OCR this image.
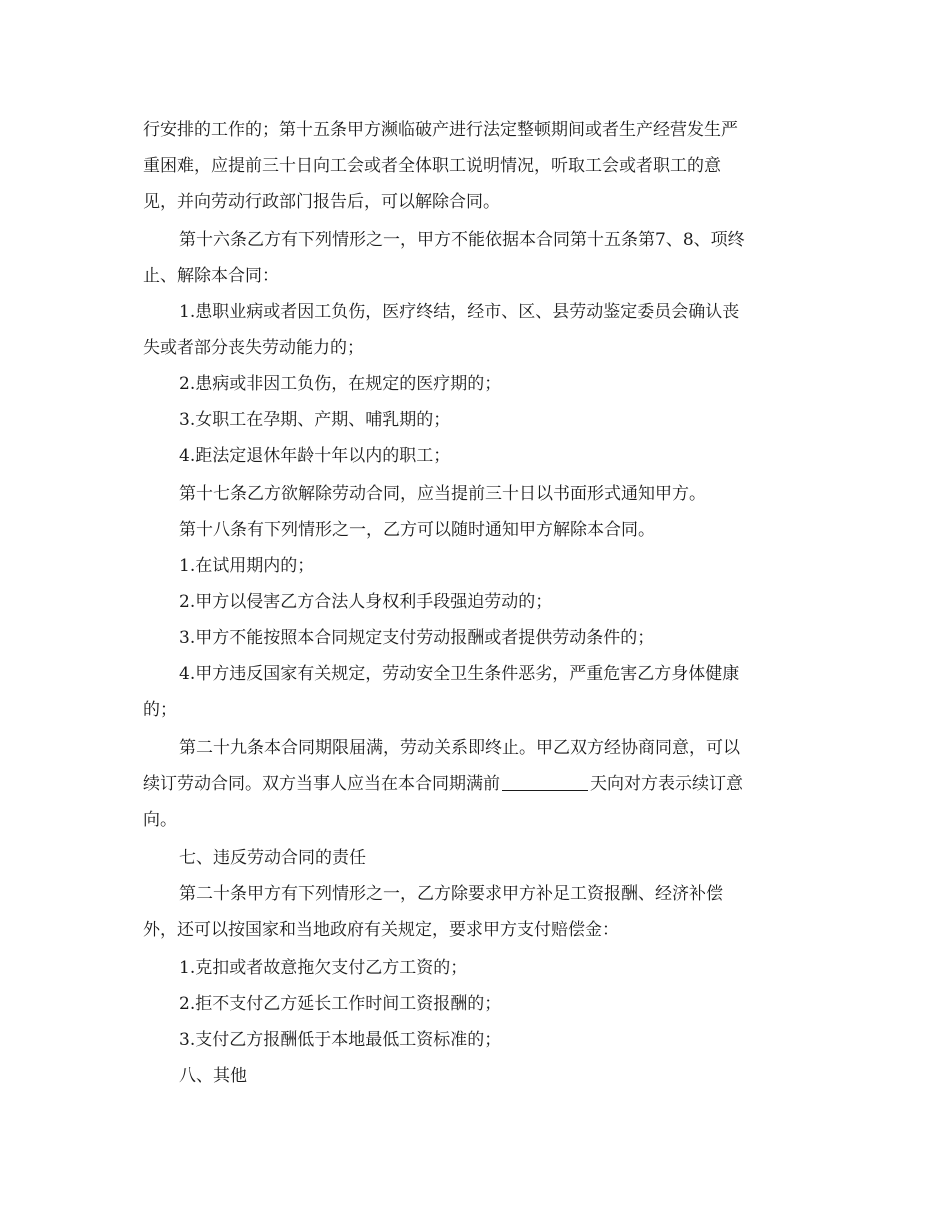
行安排的工作的；第十五条甲方濒临破产进行法定整顿期间或者生产经营发生严
重困难，应提前三十日向工会或者全体职工说明情况，听取工会或者职工的意
见，并向劳动行政部门报告后，可以解除合同。
第十六条乙方有下列情形之一，甲方不能依据本合同第十五条第7、8、项终
止、解除本合同：
1.患职业病或者因工负伤，医疗终结，经市、区、县劳动鉴定委员会确认丧
失或者部分丧失劳动能力的；
2.患病或非因工负伤，在规定的医疗期的；
3.女职工在孕期、产期、哺乳期的；
4.距法定退休年龄十年以内的职工；
第十七条乙方欲解除劳动合同，应当提前三十日以书面形式通知甲方。
第十八条有下列情形之一，乙方可以随时通知甲方解除本合同。
1.在试用期内的；
2.甲方以侵害乙方合法人身权利手段强迫劳动的；
3.甲方不能按照本合同规定支付劳动报酬或者提供劳动条件的；
4.甲方违反国家有关规定，劳动安全卫生条件恶劣，严重危害乙方身体健康
的；
第二十九条本合同期限届满，劳动关系即终止。甲乙双方经协商同意，可以
续订劳动合同。双方当事人应当在本合同期满前	天向对方表示续订意
向。
七、违反劳动合同的责任
第二十条甲方有下列情形之一，乙方除要求甲方补足工资报酬、经济补偿
外，还可以按国家和当地政府有关规定，要求甲方支付赔偿金：
1.克扣或者故意拖欠支付乙方工资的；
2.拒不支付乙方延长工作时间工资报酬的；
3.支付乙方报酬低于本地最低工资标准的；
八、其他
